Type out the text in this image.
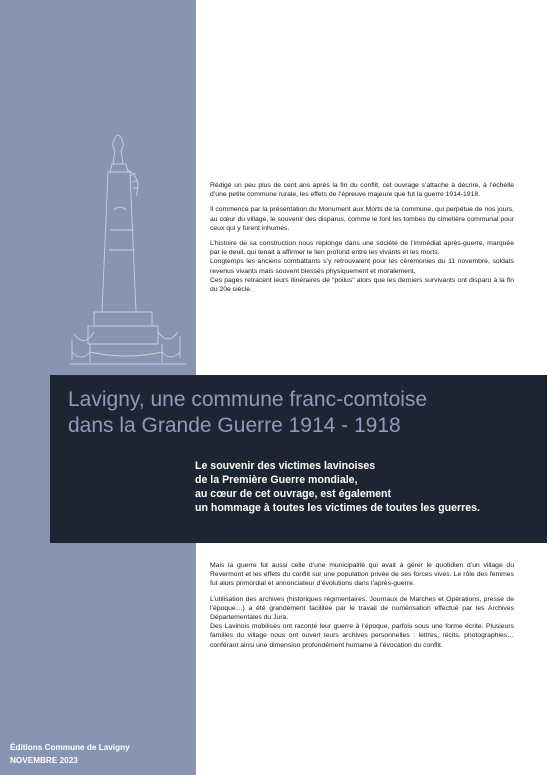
Rédigé un peu plus de cent ans après la fin du conflit, cet ouvrage s’attache à décrire, à l’échelle d’une petite commune rurale, les effets de l’épreuve majeure que fut la guerre 1914-1918.

Il commence par la présentation du Monument aux Morts de la commune, qui perpétue de nos jours, au cœur du village, le souvenir des disparus, comme le font les tombes du cimetière communal pour ceux qui y furent inhumés.

L’histoire de sa construction nous replonge dans une société de l’immédiat après-guerre, marquée par le deuil, qui tenait à affirmer le lien profond entre les vivants et les morts.

Longtemps les anciens combattants s’y retrouvaient pour les cérémonies du 11 novembre, soldats revenus vivants mais souvent blessés physiquement et moralement.

Ces pages retracent leurs itinéraires de "poilus" alors que les derniers survivants ont disparu à la fin du 20e siècle.

Lavigny, une commune franc-comtoise
dans la Grande Guerre 1914 - 1918
Le souvenir des victimes lavinoises
de la Première Guerre mondiale,
au cœur de cet ouvrage, est également
un hommage à toutes les victimes de toutes les guerres.

Mais la guerre fut aussi celle d’une municipalité qui avait à gérer le quotidien d’un village du Revermont et les effets du conflit sur une population privée de ses forces vives. Le rôle des femmes fut alors primordial et annonciateur d’évolutions dans l’après-guerre.

L’utilisation des archives (historiques régimentaires, Journaux de Marches et Opérations, presse de l’époque…) a été grandement facilitée par le travail de numérisation effectué par les Archives Départementales du Jura.

Des Lavinois mobilisés ont raconté leur guerre à l’époque, parfois sous une forme écrite. Plusieurs familles du village nous ont ouvert leurs archives personnelles : lettres, récits, photographies… conférant ainsi une dimension profondément humaine à l’évocation du conflit.

Éditions Commune de Lavigny
NOVEMBRE 2023
